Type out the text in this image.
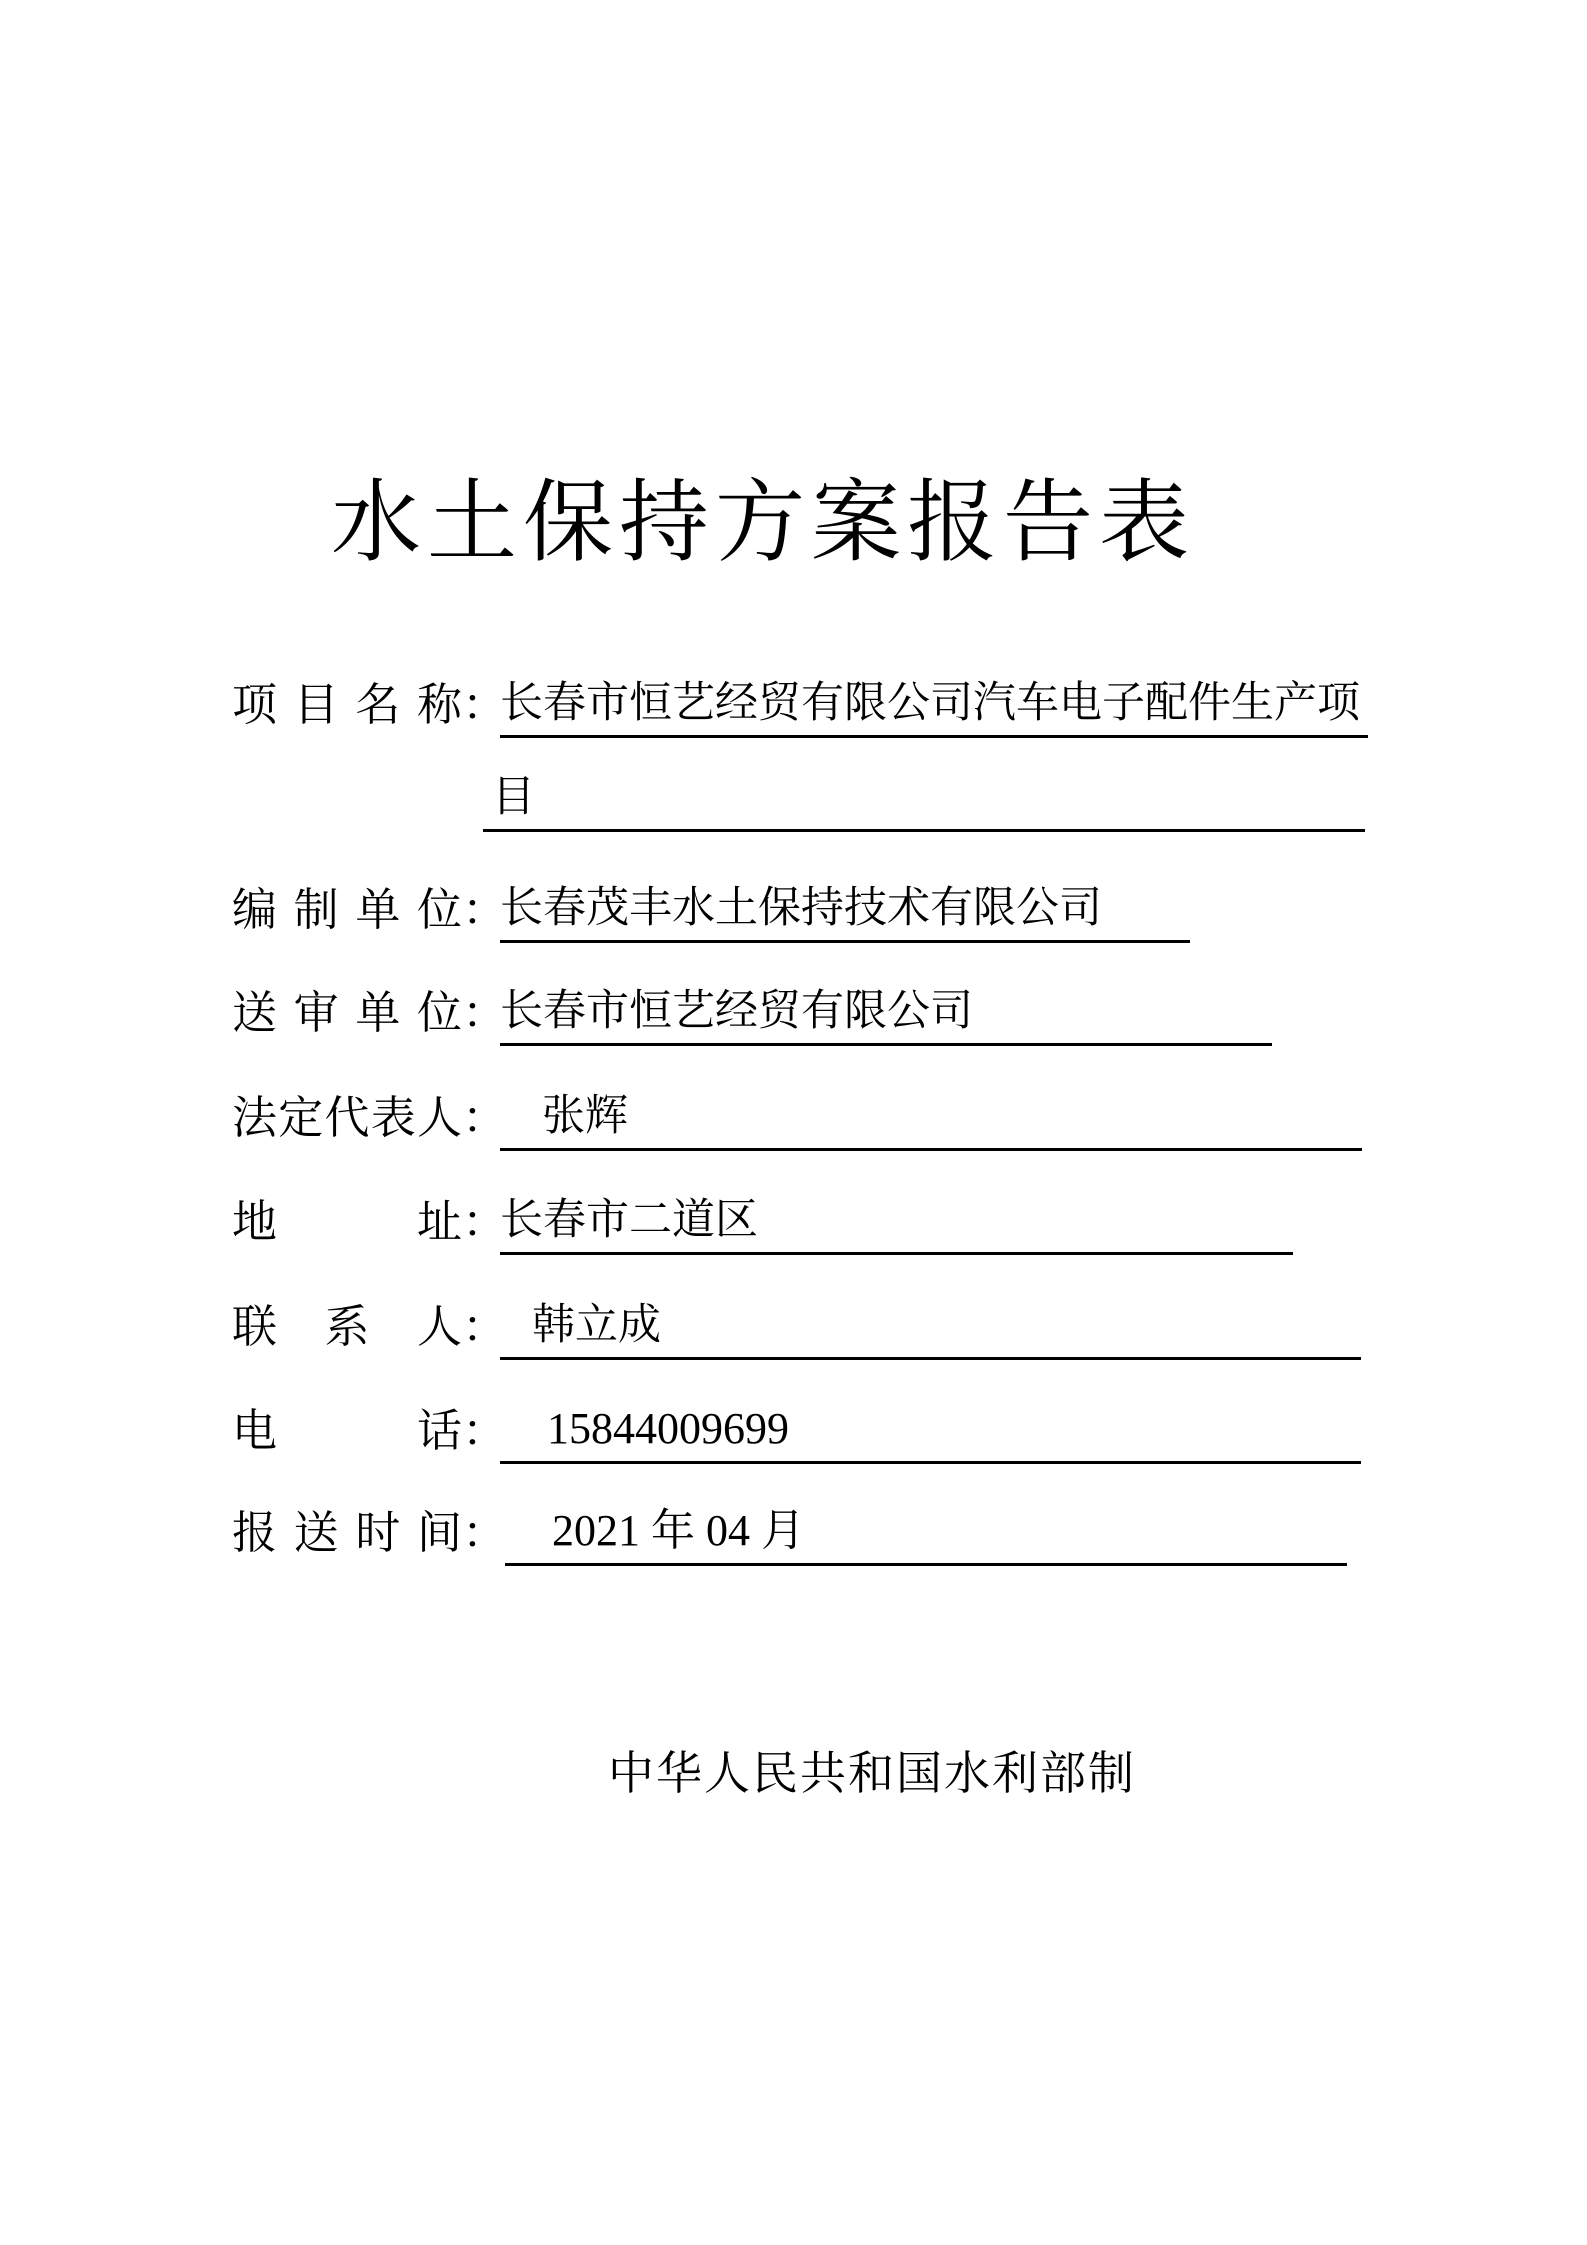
水土保持方案报告表
项目名称：
长春市恒艺经贸有限公司汽车电子配件生产项
目
编制单位：
长春茂丰水土保持技术有限公司
送审单位：
长春市恒艺经贸有限公司
法定代表人： 张辉
地址：
长春市二道区
联系人： 韩立成
电话： 15844009699
报送时间：	2021 年 04 月
中华人民共和国水利部制
